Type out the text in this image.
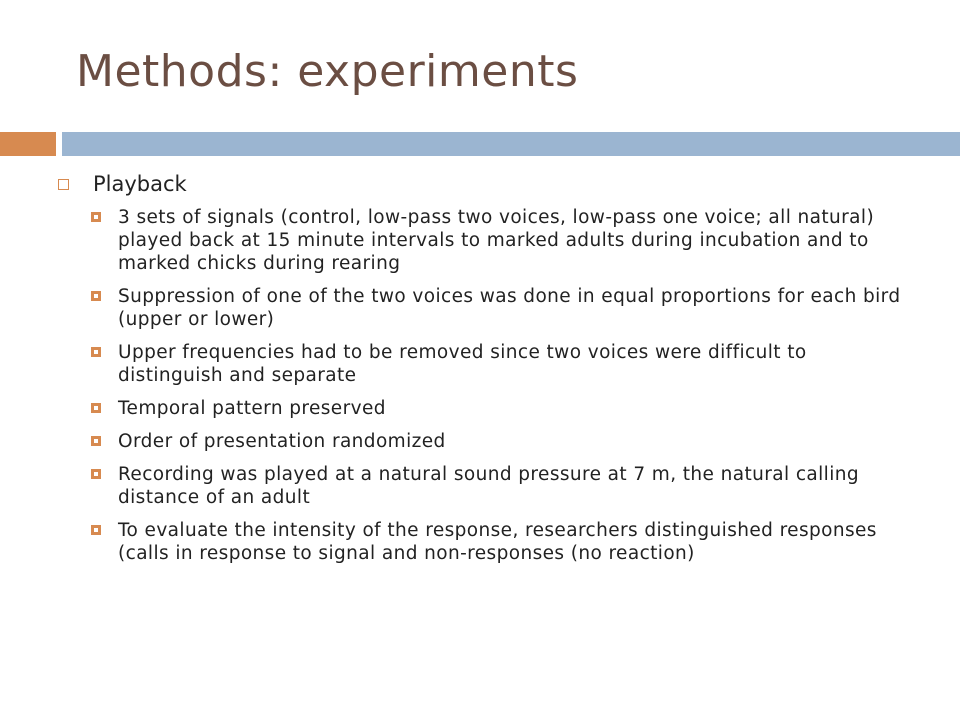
Methods: experiments
Playback
3 sets of signals (control, low-pass two voices, low-pass one voice; all natural) played back at 15 minute intervals to marked adults during incubation and to marked chicks during rearing
Suppression of one of the two voices was done in equal proportions for each bird (upper or lower)
Upper frequencies had to be removed since two voices were difficult to distinguish and separate
Temporal pattern preserved
Order of presentation randomized
Recording was played at a natural sound pressure at 7 m, the natural calling distance of an adult
To evaluate the intensity of the response, researchers distinguished responses (calls in response to signal and non-responses (no reaction)
